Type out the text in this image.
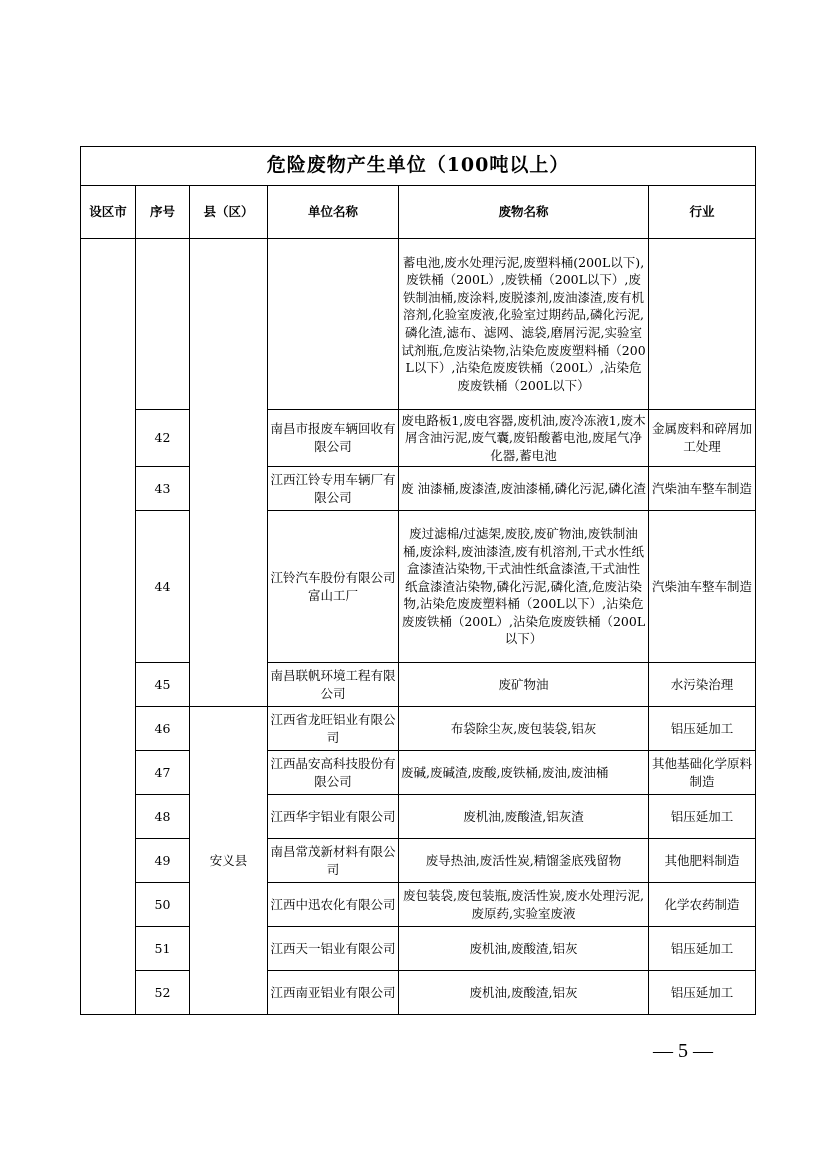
危险废物产生单位（100吨以上）					
设区市	序号	县（区）	单位名称	废物名称	行业
				蓄电池,废水处理污泥,废塑料桶(200L以下),废铁桶（200L）,废铁桶（200L以下）,废铁制油桶,废涂料,废脱漆剂,废油漆渣,废有机溶剂,化验室废液,化验室过期药品,磷化污泥,磷化渣,滤布、滤网、滤袋,磨屑污泥,实验室试剂瓶,危废沾染物,沾染危废废塑料桶（200L以下）,沾染危废废铁桶（200L）,沾染危废废铁桶（200L以下）	
	42		南昌市报废车辆回收有限公司	废电路板1,废电容器,废机油,废冷冻液1,废木屑含油污泥,废气囊,废铅酸蓄电池,废尾气净化器,蓄电池	金属废料和碎屑加工处理
	43		江西江铃专用车辆厂有限公司	废 油漆桶,废漆渣,废油漆桶,磷化污泥,磷化渣	汽柴油车整车制造
	44		江铃汽车股份有限公司富山工厂	废过滤棉/过滤架,废胶,废矿物油,废铁制油桶,废涂料,废油漆渣,废有机溶剂,干式水性纸盒漆渣沾染物,干式油性纸盒漆渣,干式油性纸盒漆渣沾染物,磷化污泥,磷化渣,危废沾染物,沾染危废废塑料桶（200L以下）,沾染危废废铁桶（200L）,沾染危废废铁桶（200L以下）	汽柴油车整车制造
	45		南昌联帆环境工程有限公司	废矿物油	水污染治理
	46	安义县	江西省龙旺铝业有限公司	布袋除尘灰,废包装袋,铝灰	铝压延加工
	47		江西晶安高科技股份有限公司	废碱,废碱渣,废酸,废铁桶,废油,废油桶	其他基础化学原料制造
	48		江西华宇铝业有限公司	废机油,废酸渣,铝灰渣	铝压延加工
	49		南昌常茂新材料有限公司	废导热油,废活性炭,精馏釜底残留物	其他肥料制造
	50		江西中迅农化有限公司	废包装袋,废包装瓶,废活性炭,废水处理污泥,废原药,实验室废液	化学农药制造
	51		江西天一铝业有限公司	废机油,废酸渣,铝灰	铝压延加工
	52		江西南亚铝业有限公司	废机油,废酸渣,铝灰	铝压延加工
— 5 —
